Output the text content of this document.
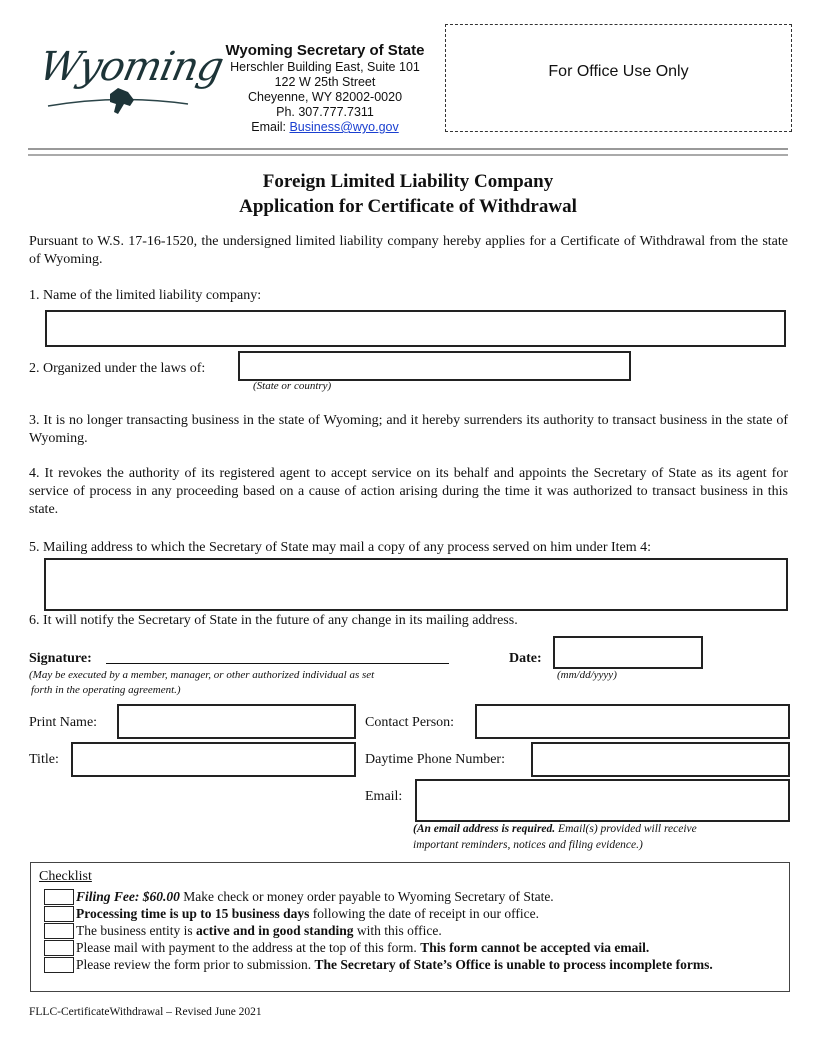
Wyoming
Wyoming Secretary of State
Herschler Building East, Suite 101
122 W 25th Street
Cheyenne, WY 82002-0020
Ph. 307.777.7311
Email: Business@wyo.gov
For Office Use Only
Foreign Limited Liability Company
Application for Certificate of Withdrawal
Pursuant to W.S. 17-16-1520, the undersigned limited liability company hereby applies for a Certificate of Withdrawal from the state of Wyoming.
1. Name of the limited liability company:
2. Organized under the laws of:
(State or country)
3. It is no longer transacting business in the state of Wyoming; and it hereby surrenders its authority to transact business in the state of Wyoming.
4. It revokes the authority of its registered agent to accept service on its behalf and appoints the Secretary of State as its agent for service of process in any proceeding based on a cause of action arising during the time it was authorized to transact business in this state.
5. Mailing address to which the Secretary of State may mail a copy of any process served on him under Item 4:
6. It will notify the Secretary of State in the future of any change in its mailing address.
Signature:
(May be executed by a member, manager, or other authorized individual as set
forth in the operating agreement.)
Date:
(mm/dd/yyyy)
Print Name:	Contact Person:
Title:	Daytime Phone Number:
Email:
(An email address is required. Email(s) provided will receive
important reminders, notices and filing evidence.)
Checklist
Filing Fee: $60.00 Make check or money order payable to Wyoming Secretary of State.
Processing time is up to 15 business days following the date of receipt in our office.
The business entity is active and in good standing with this office.
Please mail with payment to the address at the top of this form. This form cannot be accepted via email.
Please review the form prior to submission. The Secretary of State’s Office is unable to process incomplete forms.
FLLC-CertificateWithdrawal – Revised June 2021
